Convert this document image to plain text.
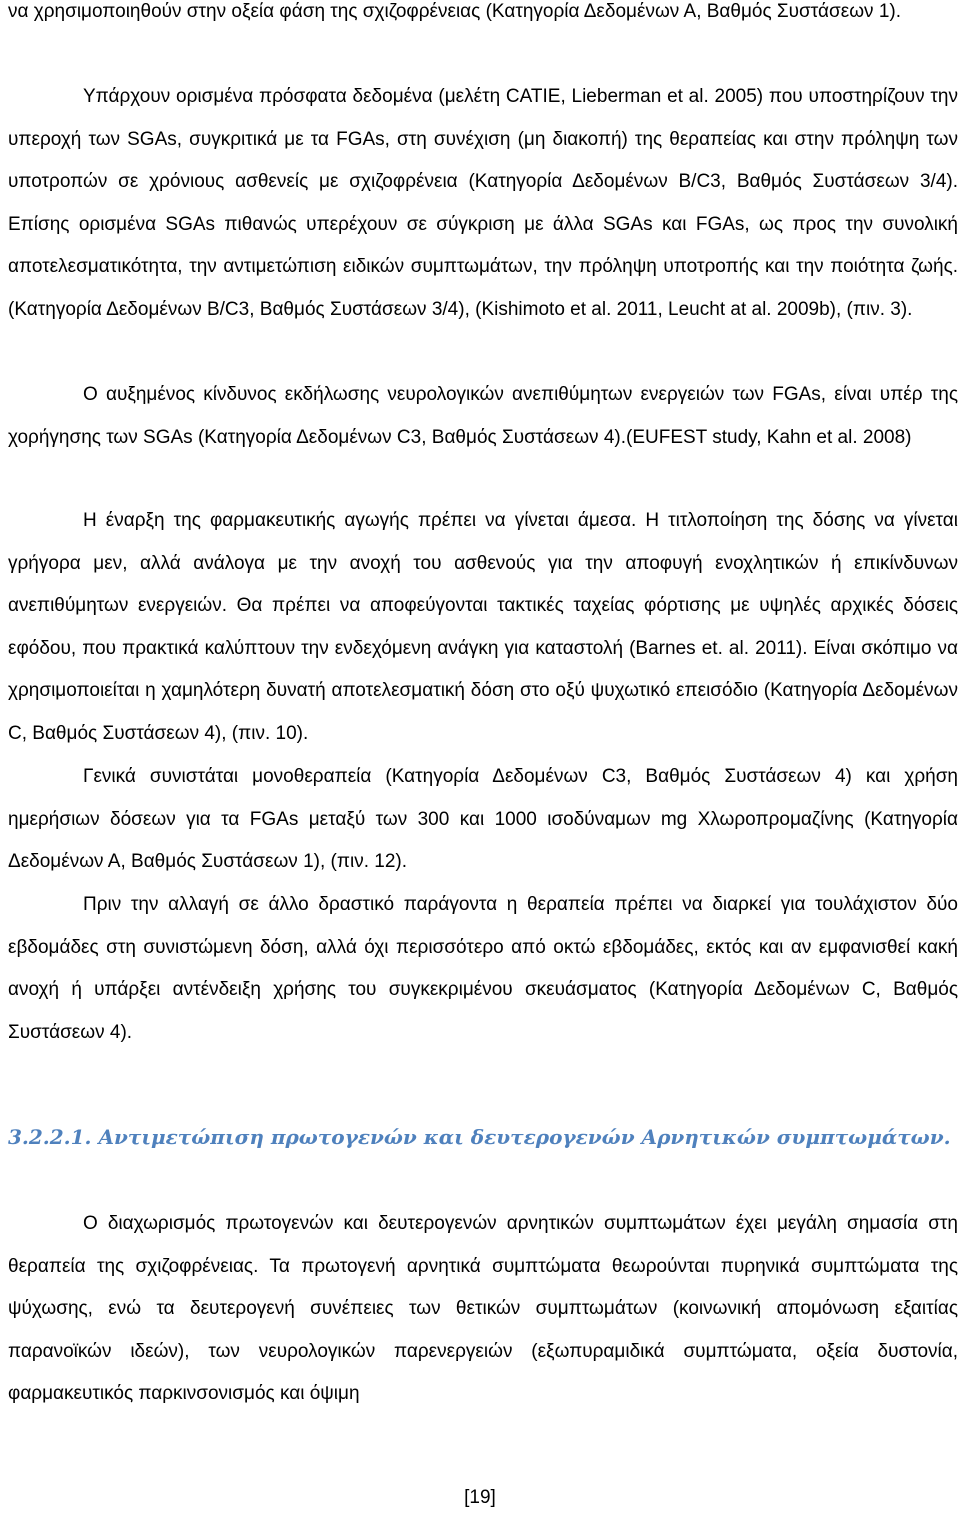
να χρησιμοποιηθούν στην οξεία φάση της σχιζοφρένειας (Κατηγορία Δεδομένων Α, Βαθμός Συστάσεων 1).

Υπάρχουν ορισμένα πρόσφατα δεδομένα (μελέτη CATIE, Lieberman et al. 2005) που υποστηρίζουν την υπεροχή των SGAs, συγκριτικά με τα FGAs, στη συνέχιση (μη διακοπή) της θεραπείας και στην πρόληψη των υποτροπών σε χρόνιους ασθενείς με σχιζοφρένεια (Κατηγορία Δεδομένων Β/C3, Βαθμός Συστάσεων 3/4). Επίσης ορισμένα SGAs πιθανώς υπερέχουν σε σύγκριση με άλλα SGAs και FGAs, ως προς την συνολική αποτελεσματικότητα, την αντιμετώπιση ειδικών συμπτωμάτων, την πρόληψη υποτροπής και την ποιότητα ζωής. (Κατηγορία Δεδομένων Β/C3, Βαθμός Συστάσεων 3/4), (Kishimoto et al. 2011, Leucht at al. 2009b), (πιν. 3).

Ο αυξημένος κίνδυνος εκδήλωσης νευρολογικών ανεπιθύμητων ενεργειών των FGAs, είναι υπέρ της χορήγησης των SGAs (Κατηγορία Δεδομένων C3, Βαθμός Συστάσεων 4).(EUFEST study, Kahn et al. 2008)

Η έναρξη της φαρμακευτικής αγωγής πρέπει να γίνεται άμεσα. Η τιτλοποίηση της δόσης να γίνεται γρήγορα μεν, αλλά ανάλογα με την ανοχή του ασθενούς για την αποφυγή ενοχλητικών ή επικίνδυνων ανεπιθύμητων ενεργειών. Θα πρέπει να αποφεύγονται τακτικές ταχείας φόρτισης με υψηλές αρχικές δόσεις εφόδου, που πρακτικά καλύπτουν την ενδεχόμενη ανάγκη για καταστολή (Barnes et. al. 2011). Είναι σκόπιμο να χρησιμοποιείται η χαμηλότερη δυνατή αποτελεσματική δόση στο οξύ ψυχωτικό επεισόδιο (Κατηγορία Δεδομένων C, Βαθμός Συστάσεων 4), (πιν. 10).

Γενικά συνιστάται μονοθεραπεία (Κατηγορία Δεδομένων C3, Βαθμός Συστάσεων 4) και χρήση ημερήσιων δόσεων για τα FGAs μεταξύ των 300 και 1000 ισοδύναμων mg Χλωροπρομαζίνης (Κατηγορία Δεδομένων Α, Βαθμός Συστάσεων 1), (πιν. 12).

Πριν την αλλαγή σε άλλο δραστικό παράγοντα η θεραπεία πρέπει να διαρκεί για τουλάχιστον δύο εβδομάδες στη συνιστώμενη δόση, αλλά όχι περισσότερο από οκτώ εβδομάδες, εκτός και αν εμφανισθεί κακή ανοχή ή υπάρξει αντένδειξη χρήσης του συγκεκριμένου σκευάσματος (Κατηγορία Δεδομένων C, Βαθμός Συστάσεων 4).

3.2.2.1. Αντιμετώπιση πρωτογενών και δευτερογενών Αρνητικών συμπτωμάτων.

Ο διαχωρισμός πρωτογενών και δευτερογενών αρνητικών συμπτωμάτων έχει μεγάλη σημασία στη θεραπεία της σχιζοφρένειας. Τα πρωτογενή αρνητικά συμπτώματα θεωρούνται πυρηνικά συμπτώματα της ψύχωσης, ενώ τα δευτερογενή συνέπειες των θετικών συμπτωμάτων (κοινωνική απομόνωση εξαιτίας παρανοϊκών ιδεών), των νευρολογικών παρενεργειών (εξωπυραμιδικά συμπτώματα, οξεία δυστονία, φαρμακευτικός παρκινσονισμός και όψιμη

[19]
